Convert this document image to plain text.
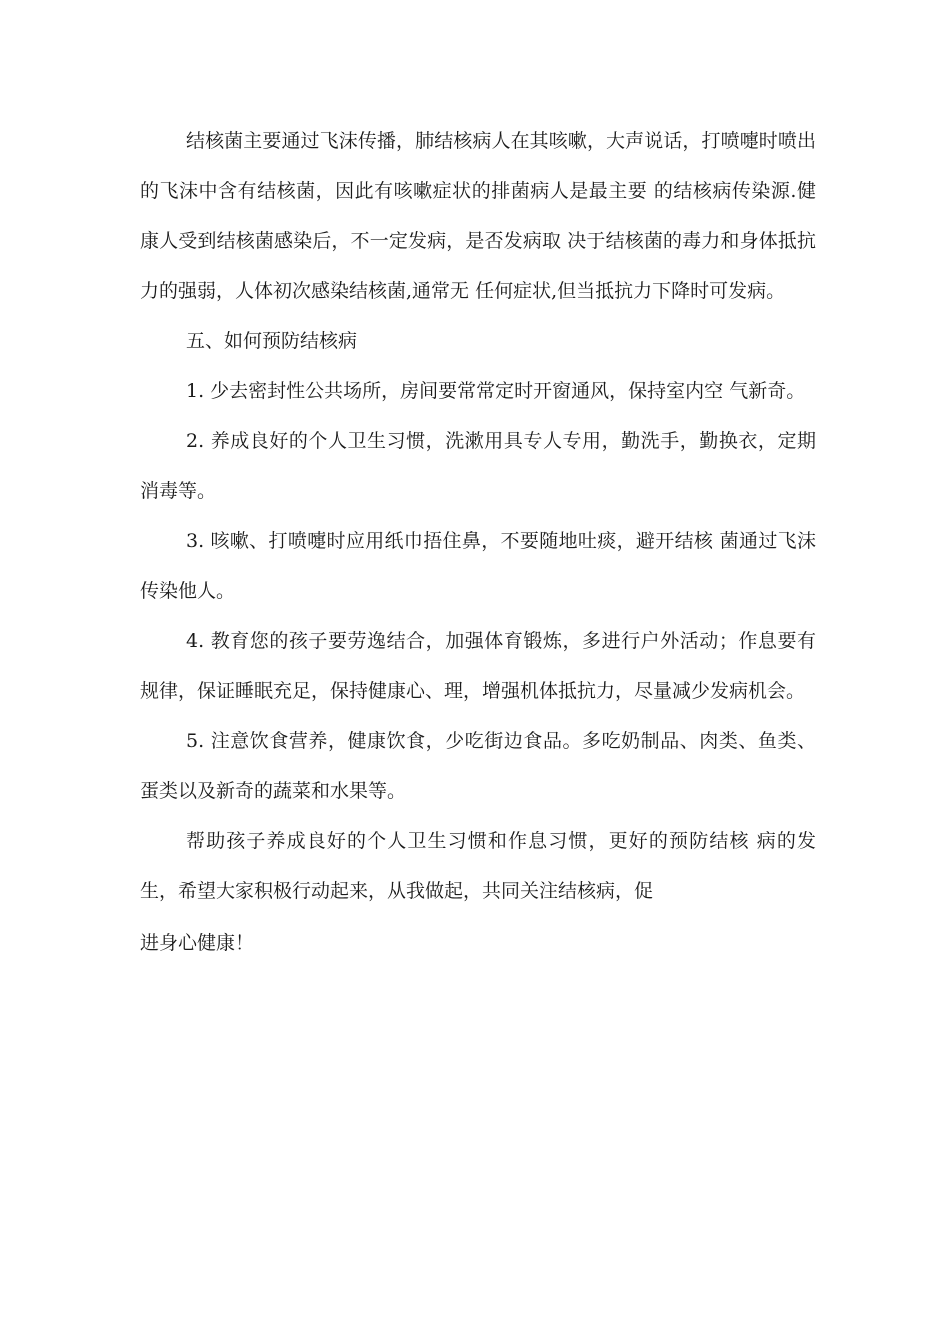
结核菌主要通过飞沫传播，肺结核病人在其咳嗽，大声说话，打喷嚏时喷出的飞沫中含有结核菌，因此有咳嗽症状的排菌病人是最主要 的结核病传染源.健康人受到结核菌感染后，不一定发病，是否发病取 决于结核菌的毒力和身体抵抗力的强弱，人体初次感染结核菌,通常无 任何症状,但当抵抗力下降时可发病。

五、如何预防结核病

1. 少去密封性公共场所，房间要常常定时开窗通风，保持室内空 气新奇。

2. 养成良好的个人卫生习惯，洗漱用具专人专用，勤洗手，勤换衣，定期消毒等。

3. 咳嗽、打喷嚏时应用纸巾捂住鼻，不要随地吐痰，避开结核 菌通过飞沫传染他人。

4. 教育您的孩子要劳逸结合，加强体育锻炼，多进行户外活动；作息要有规律，保证睡眠充足，保持健康心、理，增强机体抵抗力，尽量减少发病机会。

5. 注意饮食营养，健康饮食，少吃街边食品。多吃奶制品、肉类、鱼类、蛋类以及新奇的蔬菜和水果等。

帮助孩子养成良好的个人卫生习惯和作息习惯，更好的预防结核 病的发生，希望大家积极行动起来，从我做起，共同关注结核病，促
进身心健康！
